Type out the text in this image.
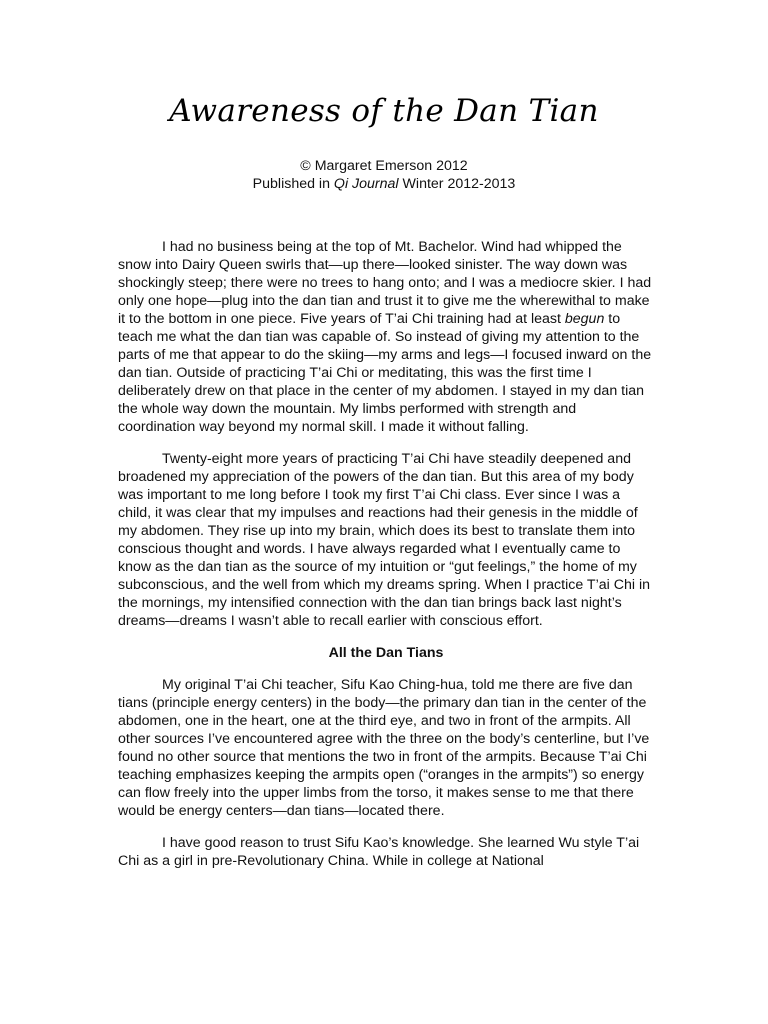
Awareness of the Dan Tian
© Margaret Emerson 2012
Published in Qi Journal Winter 2012-2013

I had no business being at the top of Mt. Bachelor. Wind had whipped the snow into Dairy Queen swirls that—up there—looked sinister. The way down was shockingly steep; there were no trees to hang onto; and I was a mediocre skier. I had only one hope—plug into the dan tian and trust it to give me the wherewithal to make it to the bottom in one piece. Five years of T’ai Chi training had at least begun to teach me what the dan tian was capable of. So instead of giving my attention to the parts of me that appear to do the skiing—my arms and legs—I focused inward on the dan tian. Outside of practicing T’ai Chi or meditating, this was the first time I deliberately drew on that place in the center of my abdomen. I stayed in my dan tian the whole way down the mountain. My limbs performed with strength and coordination way beyond my normal skill. I made it without falling.

Twenty-eight more years of practicing T’ai Chi have steadily deepened and broadened my appreciation of the powers of the dan tian. But this area of my body was important to me long before I took my first T’ai Chi class. Ever since I was a child, it was clear that my impulses and reactions had their genesis in the middle of my abdomen. They rise up into my brain, which does its best to translate them into conscious thought and words. I have always regarded what I eventually came to know as the dan tian as the source of my intuition or “gut feelings,” the home of my subconscious, and the well from which my dreams spring. When I practice T’ai Chi in the mornings, my intensified connection with the dan tian brings back last night’s dreams—dreams I wasn’t able to recall earlier with conscious effort.

All the Dan Tians

My original T’ai Chi teacher, Sifu Kao Ching-hua, told me there are five dan tians (principle energy centers) in the body—the primary dan tian in the center of the abdomen, one in the heart, one at the third eye, and two in front of the armpits. All other sources I’ve encountered agree with the three on the body’s centerline, but I’ve found no other source that mentions the two in front of the armpits. Because T’ai Chi teaching emphasizes keeping the armpits open (“oranges in the armpits”) so energy can flow freely into the upper limbs from the torso, it makes sense to me that there would be energy centers—dan tians—located there.

I have good reason to trust Sifu Kao’s knowledge. She learned Wu style T’ai Chi as a girl in pre-Revolutionary China. While in college at National
